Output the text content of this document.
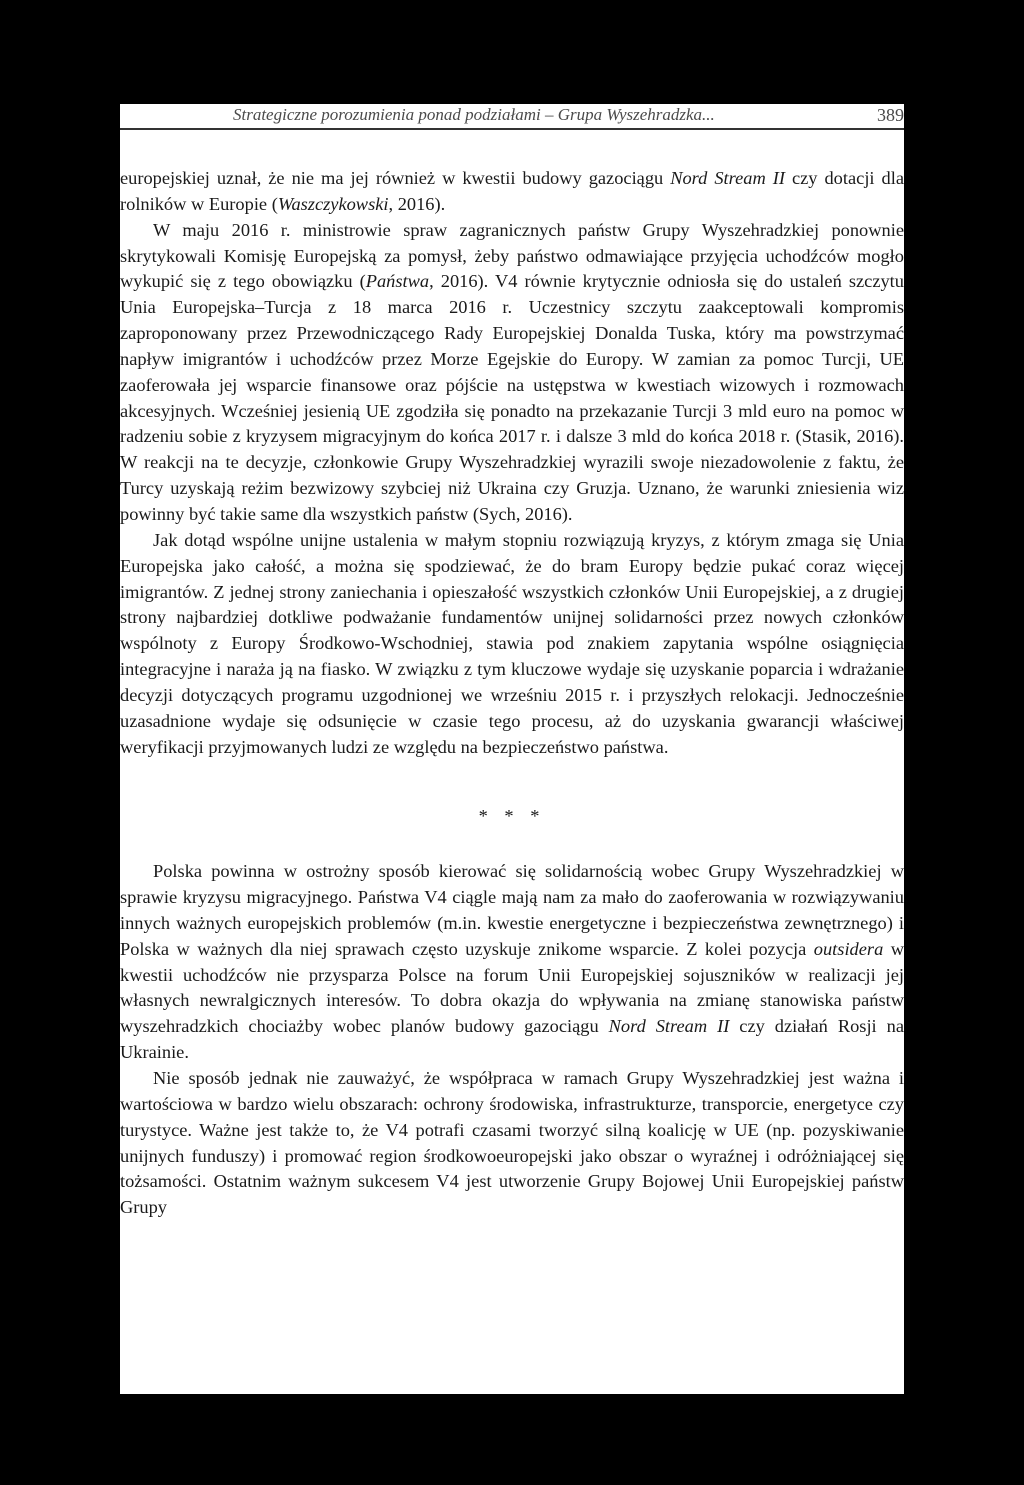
Strategiczne porozumienia ponad podziałami – Grupa Wyszehradzka...	389

europejskiej uznał, że nie ma jej również w kwestii budowy gazociągu Nord Stream II czy dotacji dla rolników w Europie (Waszczykowski, 2016).

W maju 2016 r. ministrowie spraw zagranicznych państw Grupy Wyszehradzkiej ponownie skrytykowali Komisję Europejską za pomysł, żeby państwo odmawiające przyjęcia uchodźców mogło wykupić się z tego obowiązku (Państwa, 2016). V4 równie krytycznie odniosła się do ustaleń szczytu Unia Europejska–Turcja z 18 marca 2016 r. Uczestnicy szczytu zaakceptowali kompromis zaproponowany przez Przewodniczącego Rady Europejskiej Donalda Tuska, który ma powstrzymać napływ imigrantów i uchodźców przez Morze Egejskie do Europy. W zamian za pomoc Turcji, UE zaoferowała jej wsparcie finansowe oraz pójście na ustępstwa w kwestiach wizowych i rozmowach akcesyjnych. Wcześniej jesienią UE zgodziła się ponadto na przekazanie Turcji 3 mld euro na pomoc w radzeniu sobie z kryzysem migracyjnym do końca 2017 r. i dalsze 3 mld do końca 2018 r. (Stasik, 2016). W reakcji na te decyzje, członkowie Grupy Wyszehradzkiej wyrazili swoje niezadowolenie z faktu, że Turcy uzyskają reżim bezwizowy szybciej niż Ukraina czy Gruzja. Uznano, że warunki zniesienia wiz powinny być takie same dla wszystkich państw (Sych, 2016).

Jak dotąd wspólne unijne ustalenia w małym stopniu rozwiązują kryzys, z którym zmaga się Unia Europejska jako całość, a można się spodziewać, że do bram Europy będzie pukać coraz więcej imigrantów. Z jednej strony zaniechania i opieszałość wszystkich członków Unii Europejskiej, a z drugiej strony najbardziej dotkliwe podważanie fundamentów unijnej solidarności przez nowych członków wspólnoty z Europy Środkowo-Wschodniej, stawia pod znakiem zapytania wspólne osiągnięcia integracyjne i naraża ją na fiasko. W związku z tym kluczowe wydaje się uzyskanie poparcia i wdrażanie decyzji dotyczących programu uzgodnionej we wrześniu 2015 r. i przyszłych relokacji. Jednocześnie uzasadnione wydaje się odsunięcie w czasie tego procesu, aż do uzyskania gwarancji właściwej weryfikacji przyjmowanych ludzi ze względu na bezpieczeństwo państwa.

* * *

Polska powinna w ostrożny sposób kierować się solidarnością wobec Grupy Wyszehradzkiej w sprawie kryzysu migracyjnego. Państwa V4 ciągle mają nam za mało do zaoferowania w rozwiązywaniu innych ważnych europejskich problemów (m.in. kwestie energetyczne i bezpieczeństwa zewnętrznego) i Polska w ważnych dla niej sprawach często uzyskuje znikome wsparcie. Z kolei pozycja outsidera w kwestii uchodźców nie przysparza Polsce na forum Unii Europejskiej sojuszników w realizacji jej własnych newralgicznych interesów. To dobra okazja do wpływania na zmianę stanowiska państw wyszehradzkich chociażby wobec planów budowy gazociągu Nord Stream II czy działań Rosji na Ukrainie.

Nie sposób jednak nie zauważyć, że współpraca w ramach Grupy Wyszehradzkiej jest ważna i wartościowa w bardzo wielu obszarach: ochrony środowiska, infrastrukturze, transporcie, energetyce czy turystyce. Ważne jest także to, że V4 potrafi czasami tworzyć silną koalicję w UE (np. pozyskiwanie unijnych funduszy) i promować region środkowoeuropejski jako obszar o wyraźnej i odróżniającej się tożsamości. Ostatnim ważnym sukcesem V4 jest utworzenie Grupy Bojowej Unii Europejskiej państw Grupy
